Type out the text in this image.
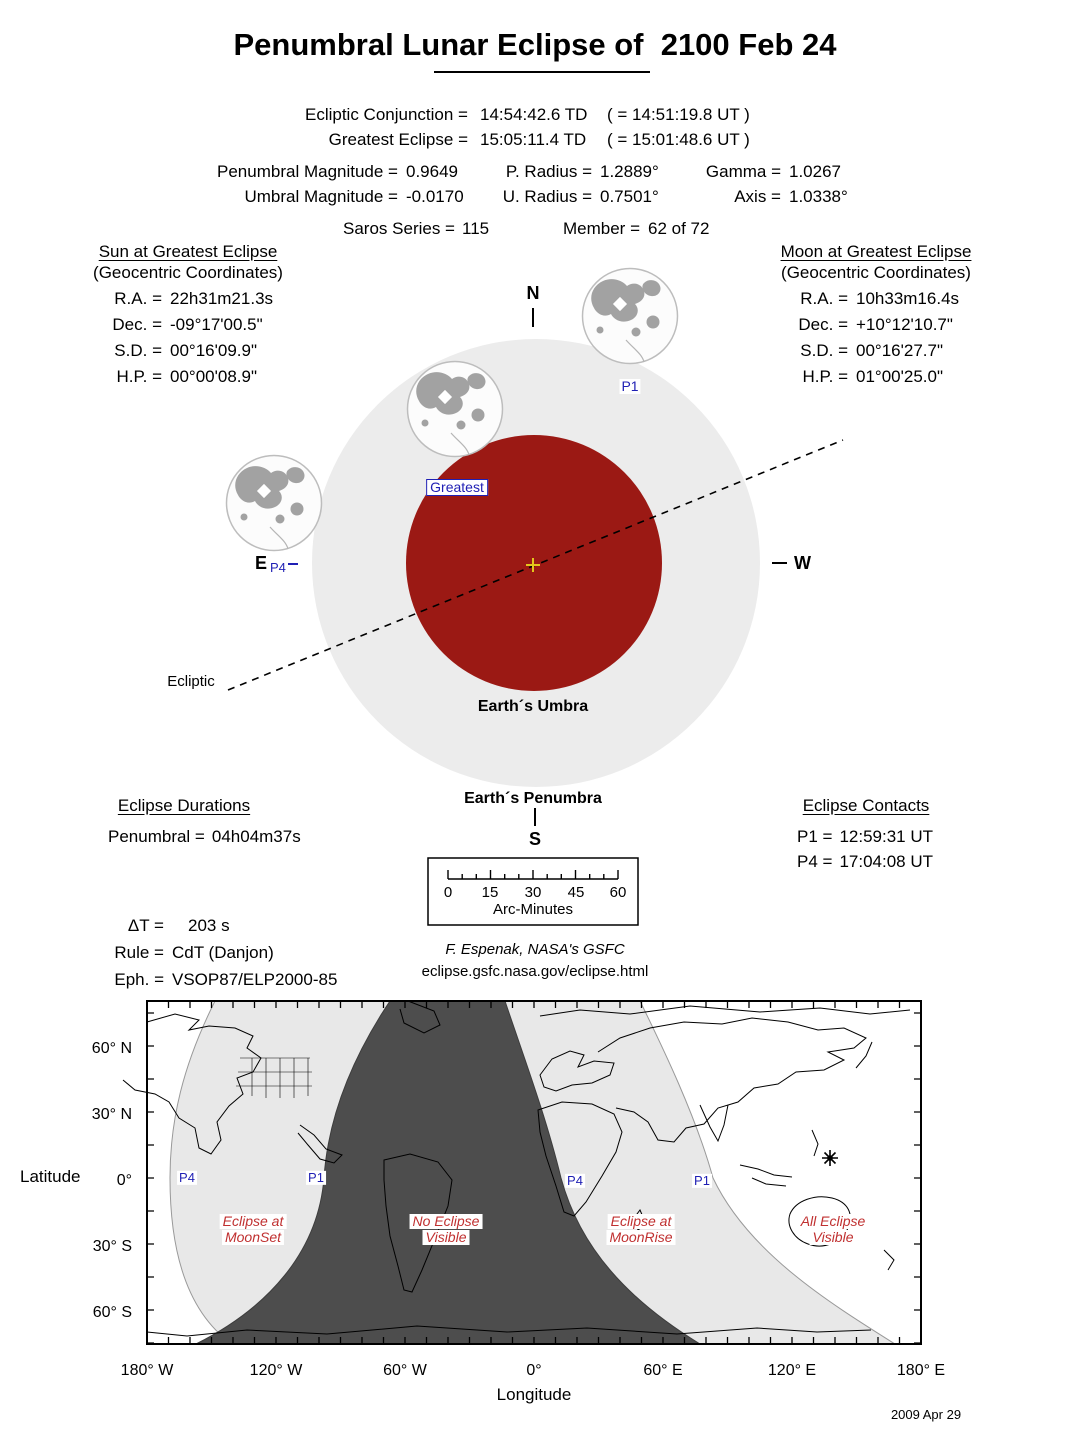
Penumbral Lunar Eclipse of  2100 Feb 24
Ecliptic Conjunction = 14:54:42.6 TD ( = 14:51:19.8 UT )
Greatest Eclipse = 15:05:11.4 TD ( = 15:01:48.6 UT )
Penumbral Magnitude = 0.9649	P. Radius = 1.2889°	Gamma = 1.0267
Umbral Magnitude = -0.0170 U. Radius = 0.7501°	Axis = 1.0338°
Saros Series = 115	Member = 62 of 72
Sun at Greatest Eclipse
(Geocentric Coordinates)
R.A. = 22h31m21.3s
Dec. = -09°17'00.5"
S.D. = 00°16'09.9"
H.P. = 00°00'08.9"
Moon at Greatest Eclipse
(Geocentric Coordinates)
R.A. = 10h33m16.4s
Dec. = +10°12'10.7"
S.D. = 00°16'27.7"
H.P. = 01°00'25.0"
N
P1
Greatest
E P4	W
Ecliptic
Earth´s Umbra
Earth´s Penumbra
S
Eclipse Durations
Penumbral = 04h04m37s
Eclipse Contacts
P1 = 12:59:31 UT
P4 = 17:04:08 UT
0 15 30 45 60
Arc-Minutes
ΔT =	203 s
Rule = CdT (Danjon)
Eph. = VSOP87/ELP2000-85
F. Espenak, NASA's GSFC
eclipse.gsfc.nasa.gov/eclipse.html
60° N
30° N
0°
30° S
60° S
Latitude
180° W	120° W	60° W	0°	60° E	120° E	180° E
Longitude
P4	P1	P4	P1
Eclipse at
MoonSet
No Eclipse
Visible
Eclipse at
MoonRise
All Eclipse
Visible
2009 Apr 29
